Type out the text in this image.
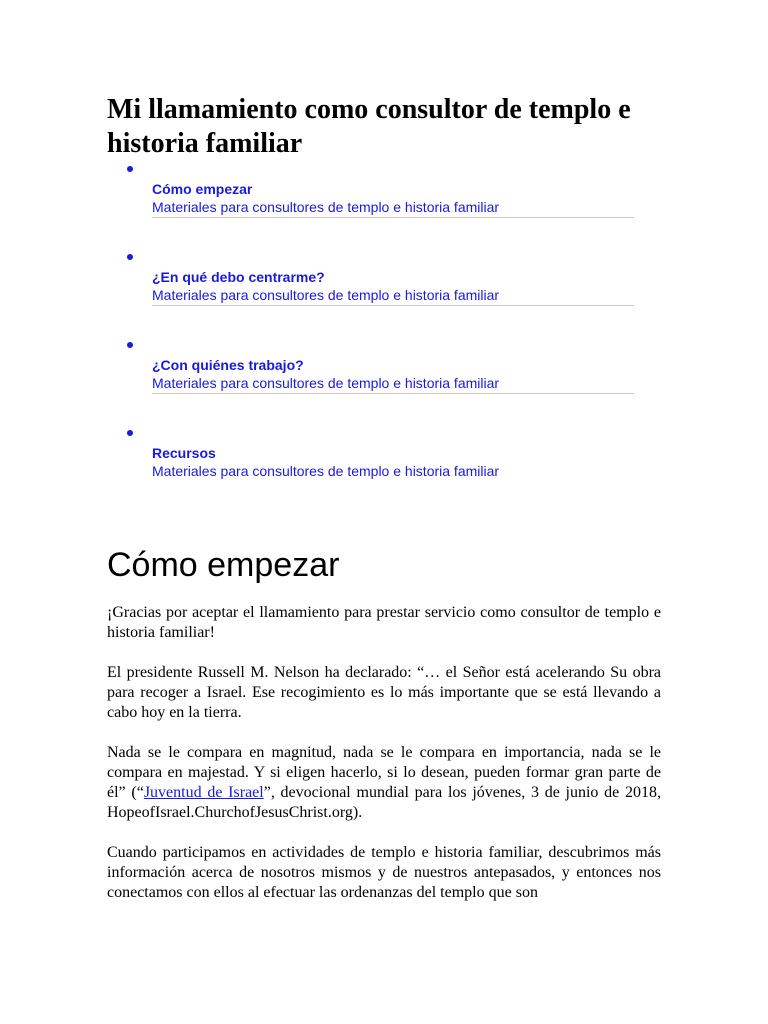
Mi llamamiento como consultor de templo e historia familiar
Cómo empezar
Materiales para consultores de templo e historia familiar
¿En qué debo centrarme?
Materiales para consultores de templo e historia familiar
¿Con quiénes trabajo?
Materiales para consultores de templo e historia familiar
Recursos
Materiales para consultores de templo e historia familiar
Cómo empezar

¡Gracias por aceptar el llamamiento para prestar servicio como consultor de templo e historia familiar!

El presidente Russell M. Nelson ha declarado: “… el Señor está acelerando Su obra para recoger a Israel. Ese recogimiento es lo más importante que se está llevando a cabo hoy en la tierra.

Nada se le compara en magnitud, nada se le compara en importancia, nada se le compara en majestad. Y si eligen hacerlo, si lo desean, pueden formar gran parte de él” (“Juventud de Israel”, devocional mundial para los jóvenes, 3 de junio de 2018, HopeofIsrael.ChurchofJesusChrist.org).

Cuando participamos en actividades de templo e historia familiar, descubrimos más información acerca de nosotros mismos y de nuestros antepasados, y entonces nos conectamos con ellos al efectuar las ordenanzas del templo que son
